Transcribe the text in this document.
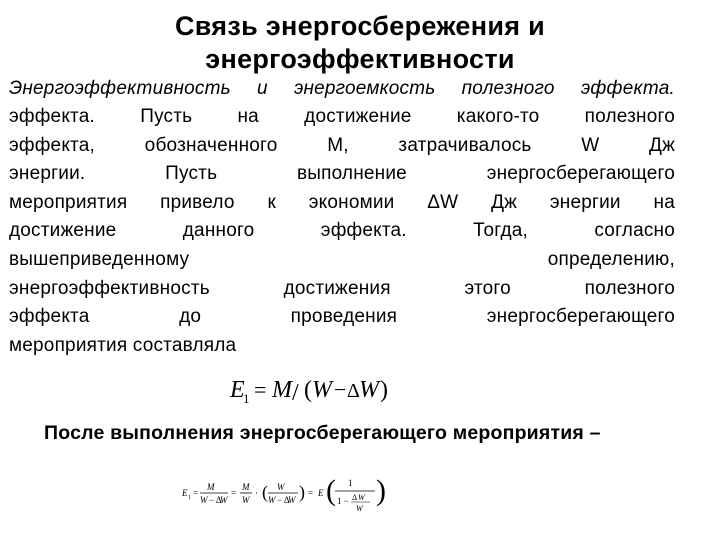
Связь энергосбережения и
энергоэффективности
Энергоэффективность и энергоемкость полезного эффекта.
эффекта. Пусть на достижение какого-то полезного
эффекта, обозначенного M, затрачивалось W Дж
энергии. Пусть выполнение энергосберегающего
мероприятия привело к экономии ΔW Дж энергии на
достижение данного эффекта. Тогда, согласно
вышеприведенному определению,
энергоэффективность достижения этого полезного
эффекта до проведения энергосберегающего
мероприятия составляла
E
1 = M / ( W − Δ W )
После выполнения энергосберегающего мероприятия –
E 1 =
M
W − Δ
W
=
M
W
· ( W
W − Δ
W ) = E ( 1
1 − Δ W
W
)
